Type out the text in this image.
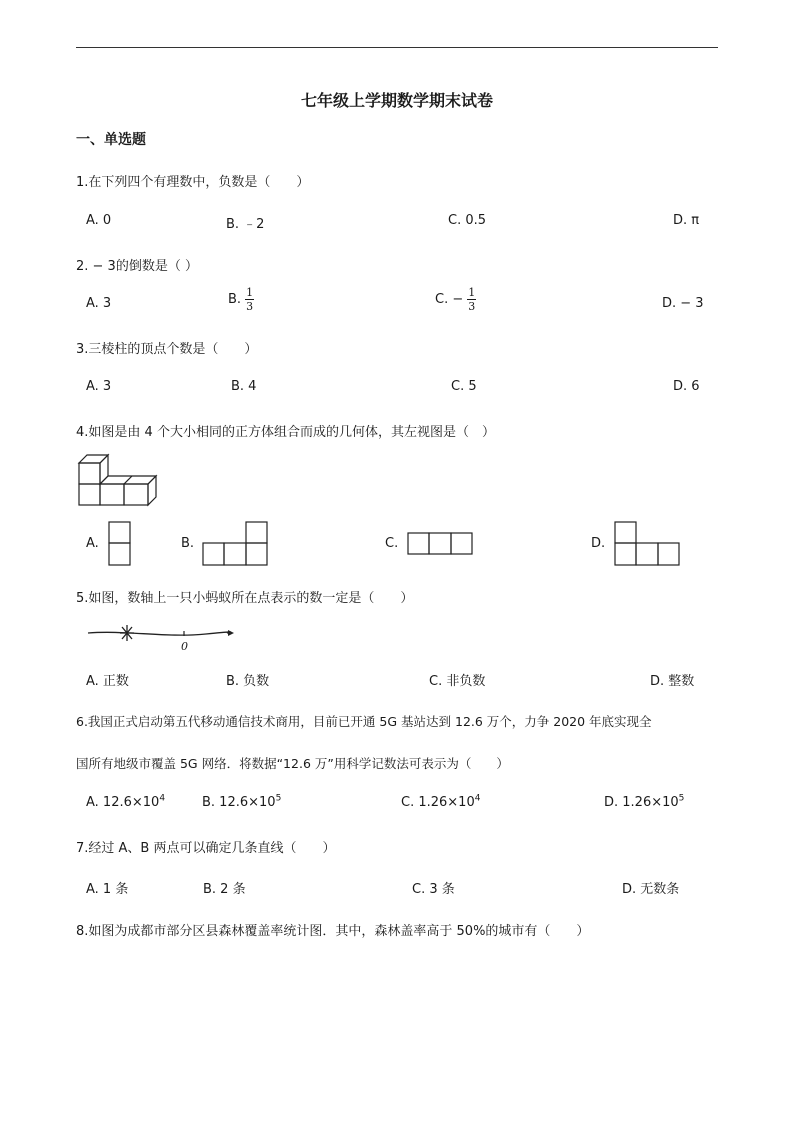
七年级上学期数学期末试卷
一、单选题
1.在下列四个有理数中，负数是（　　）
A. 0	B. ﹣2	C. 0.5	D. π
2. − 3的倒数是（ ）
A. 3	B. $\frac{1}{3}$	C. − $\frac{1}{3}$	D. − 3
3.三棱柱的顶点个数是（　　）
A. 3	B. 4	C. 5	D. 6
4.如图是由 4 个大小相同的正方体组合而成的几何体，其左视图是（　）
A.	B.	C.	D.
5.如图，数轴上一只小蚂蚁所在点表示的数一定是（　　）
0
A. 正数	B. 负数	C. 非负数	D. 整数
6.我国正式启动第五代移动通信技术商用，目前已开通 5G 基站达到 12.6 万个，力争 2020 年底实现全
国所有地级市覆盖 5G 网络．将数据“12.6 万”用科学记数法可表示为（　　）
A. $12.6\times 10^4$	B. $12.6\times 10^5$	C. $1.26\times 10^4$	D. $1.26\times 10^5$
7.经过 A、B 两点可以确定几条直线（　　）
A. 1 条	B. 2 条	C. 3 条	D. 无数条
8.如图为成都市部分区县森林覆盖率统计图．其中，森林盖率高于 50%的城市有（　　）
